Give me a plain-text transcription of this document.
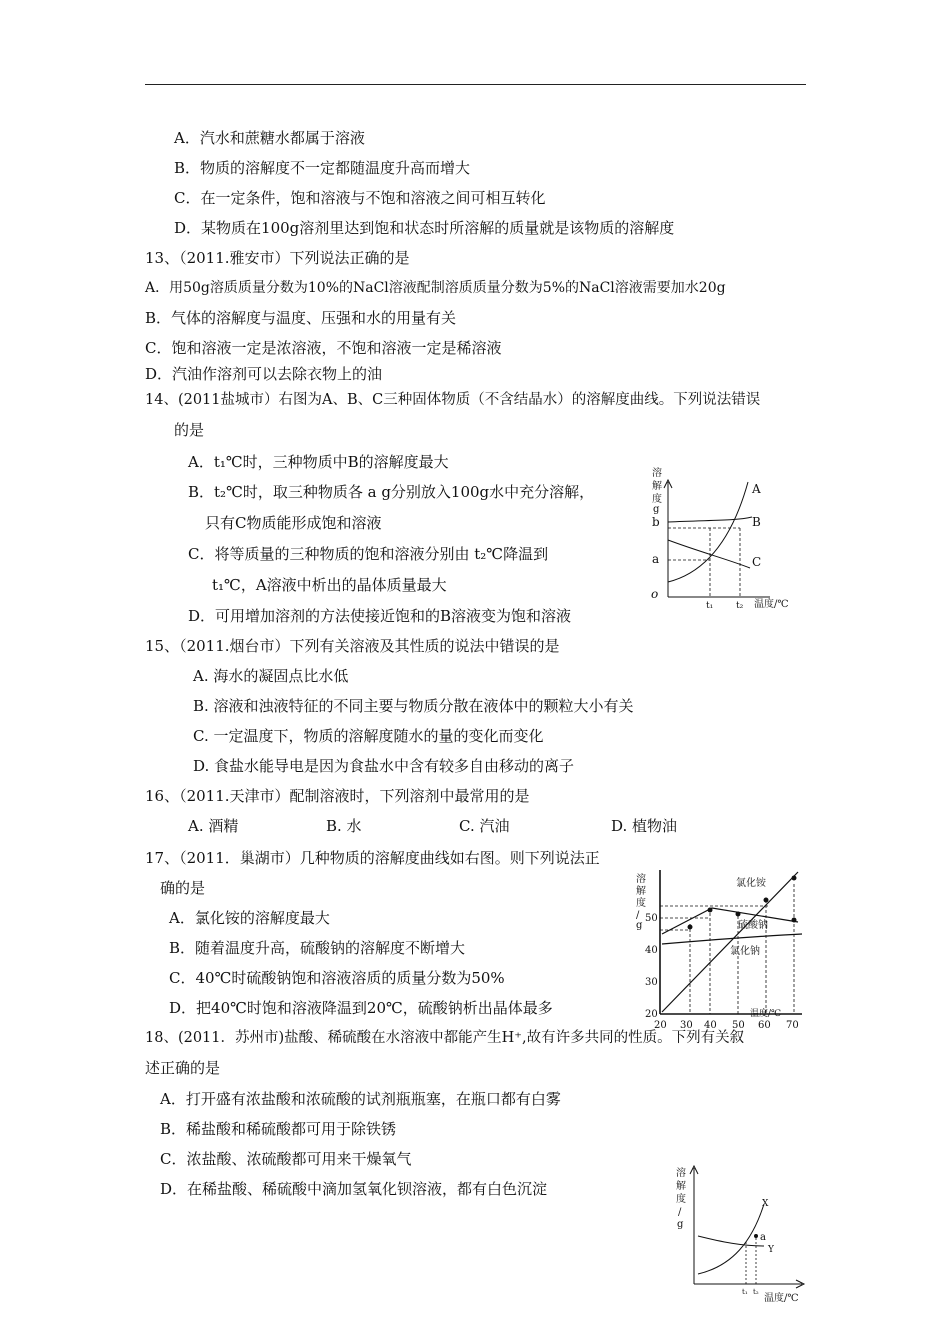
A．汽水和蔗糖水都属于溶液
B．物质的溶解度不一定都随温度升高而增大
C．在一定条件，饱和溶液与不饱和溶液之间可相互转化
D．某物质在100g溶剂里达到饱和状态时所溶解的质量就是该物质的溶解度
13、（2011.雅安市）下列说法正确的是
A．用50g溶质质量分数为10%的NaCl溶液配制溶质质量分数为5%的NaCl溶液需要加水20g
B．气体的溶解度与温度、压强和水的用量有关
C．饱和溶液一定是浓溶液，不饱和溶液一定是稀溶液
D．汽油作溶剂可以去除衣物上的油
14、(2011盐城市）右图为A、B、C三种固体物质（不含结晶水）的溶解度曲线。下列说法错误
的是
A．t₁℃时，三种物质中B的溶解度最大
B．t₂℃时，取三种物质各 a g分别放入100g水中充分溶解，
只有C物质能形成饱和溶液
C．将等质量的三种物质的饱和溶液分别由 t₂℃降温到
t₁℃，A溶液中析出的晶体质量最大
D．可用增加溶剂的方法使接近饱和的B溶液变为饱和溶液
溶
解
度
g
b
a
o
A
B
C
t₁	t₂ 温度/℃
15、（2011.烟台市）下列有关溶液及其性质的说法中错误的是
A. 海水的凝固点比水低
B. 溶液和浊液特征的不同主要与物质分散在液体中的颗粒大小有关
C. 一定温度下，物质的溶解度随水的量的变化而变化
D. 食盐水能导电是因为食盐水中含有较多自由移动的离子
16、（2011.天津市）配制溶液时，下列溶剂中最常用的是
A. 酒精	B. 水	C. 汽油	D. 植物油
17、（2011．巢湖市）几种物质的溶解度曲线如右图。则下列说法正
确的是
A．氯化铵的溶解度最大
B．随着温度升高，硫酸钠的溶解度不断增大
C．40℃时硫酸钠饱和溶液溶质的质量分数为50%
D．把40℃时饱和溶液降温到20℃，硫酸钠析出晶体最多
溶
解
度
/
g
20
30
40
50
氯化铵
硫酸钠
氯化钠
20 30 40 50 60 70
温度/℃
18、(2011．苏州市)盐酸、稀硫酸在水溶液中都能产生H⁺,故有许多共同的性质。下列有关叙
述正确的是
A．打开盛有浓盐酸和浓硫酸的试剂瓶瓶塞，在瓶口都有白雾
B．稀盐酸和稀硫酸都可用于除铁锈
C．浓盐酸、浓硫酸都可用来干燥氧气
D．在稀盐酸、稀硫酸中滴加氢氧化钡溶液，都有白色沉淀
溶
解
度
/
g
a
X
Y
t₁ t₂
温度/℃
